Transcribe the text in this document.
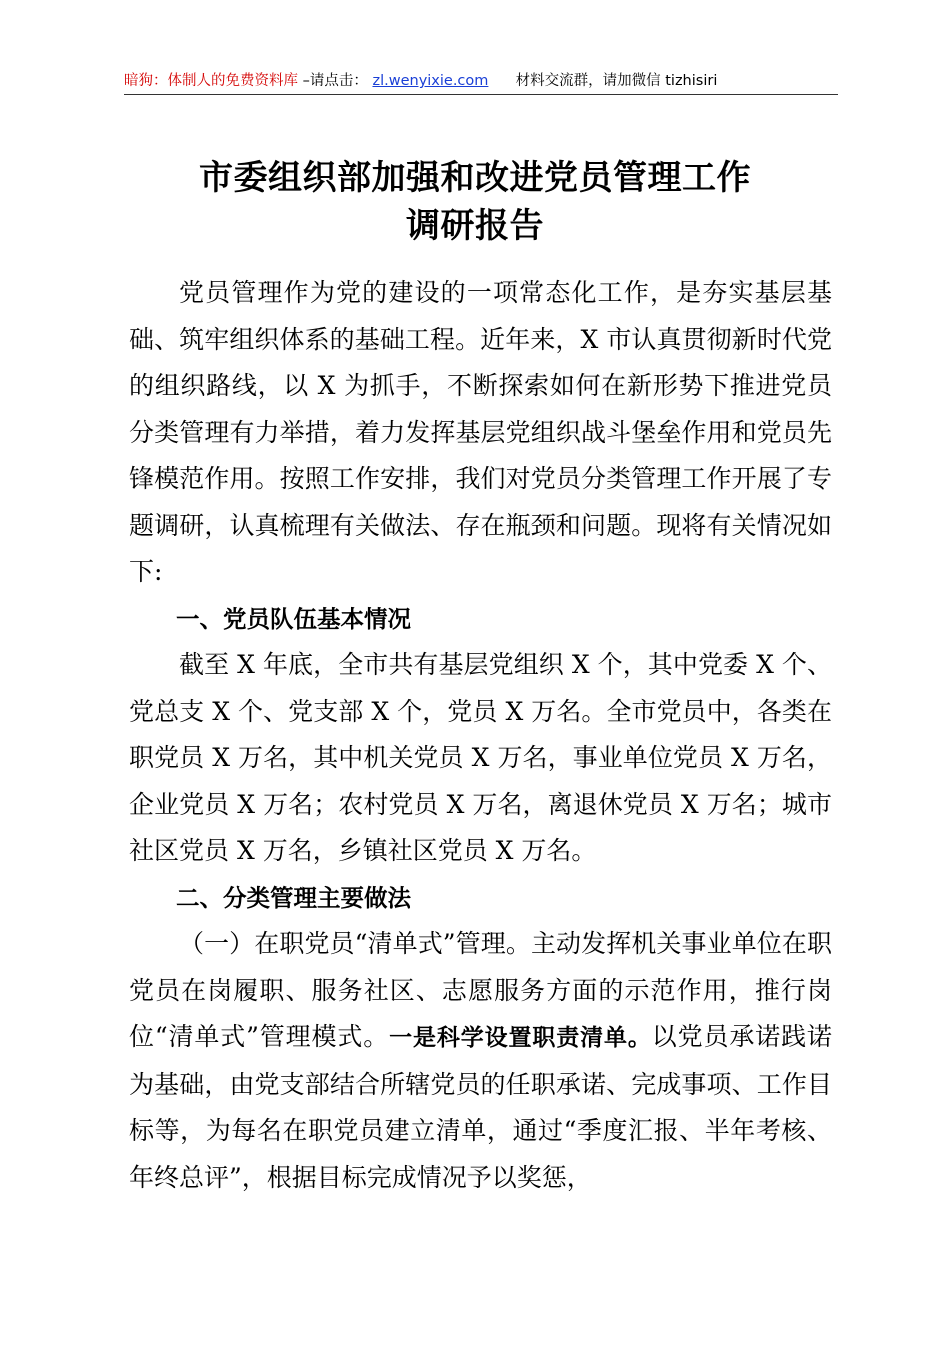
暗狗：体制人的免费资料库 –请点击： zl.wenyixie.com 材料交流群，请加微信 tizhisiri
市委组织部加强和改进党员管理工作
调研报告

党员管理作为党的建设的一项常态化工作，是夯实基层基础、筑牢组织体系的基础工程。近年来，X 市认真贯彻新时代党的组织路线，以 X 为抓手，不断探索如何在新形势下推进党员分类管理有力举措，着力发挥基层党组织战斗堡垒作用和党员先锋模范作用。按照工作安排，我们对党员分类管理工作开展了专题调研，认真梳理有关做法、存在瓶颈和问题。现将有关情况如下:

一、党员队伍基本情况

截至 X 年底，全市共有基层党组织 X 个，其中党委 X 个、党总支 X 个、党支部 X 个，党员 X 万名。全市党员中，各类在职党员 X 万名，其中机关党员 X 万名，事业单位党员 X 万名，企业党员 X 万名；农村党员 X 万名，离退休党员 X 万名；城市社区党员 X 万名，乡镇社区党员 X 万名。

二、分类管理主要做法

（一）在职党员“清单式”管理。主动发挥机关事业单位在职党员在岗履职、服务社区、志愿服务方面的示范作用，推行岗位“清单式”管理模式。一是科学设置职责清单。以党员承诺践诺为基础，由党支部结合所辖党员的任职承诺、完成事项、工作目标等，为每名在职党员建立清单，通过“季度汇报、半年考核、年终总评”，根据目标完成情况予以奖惩，
